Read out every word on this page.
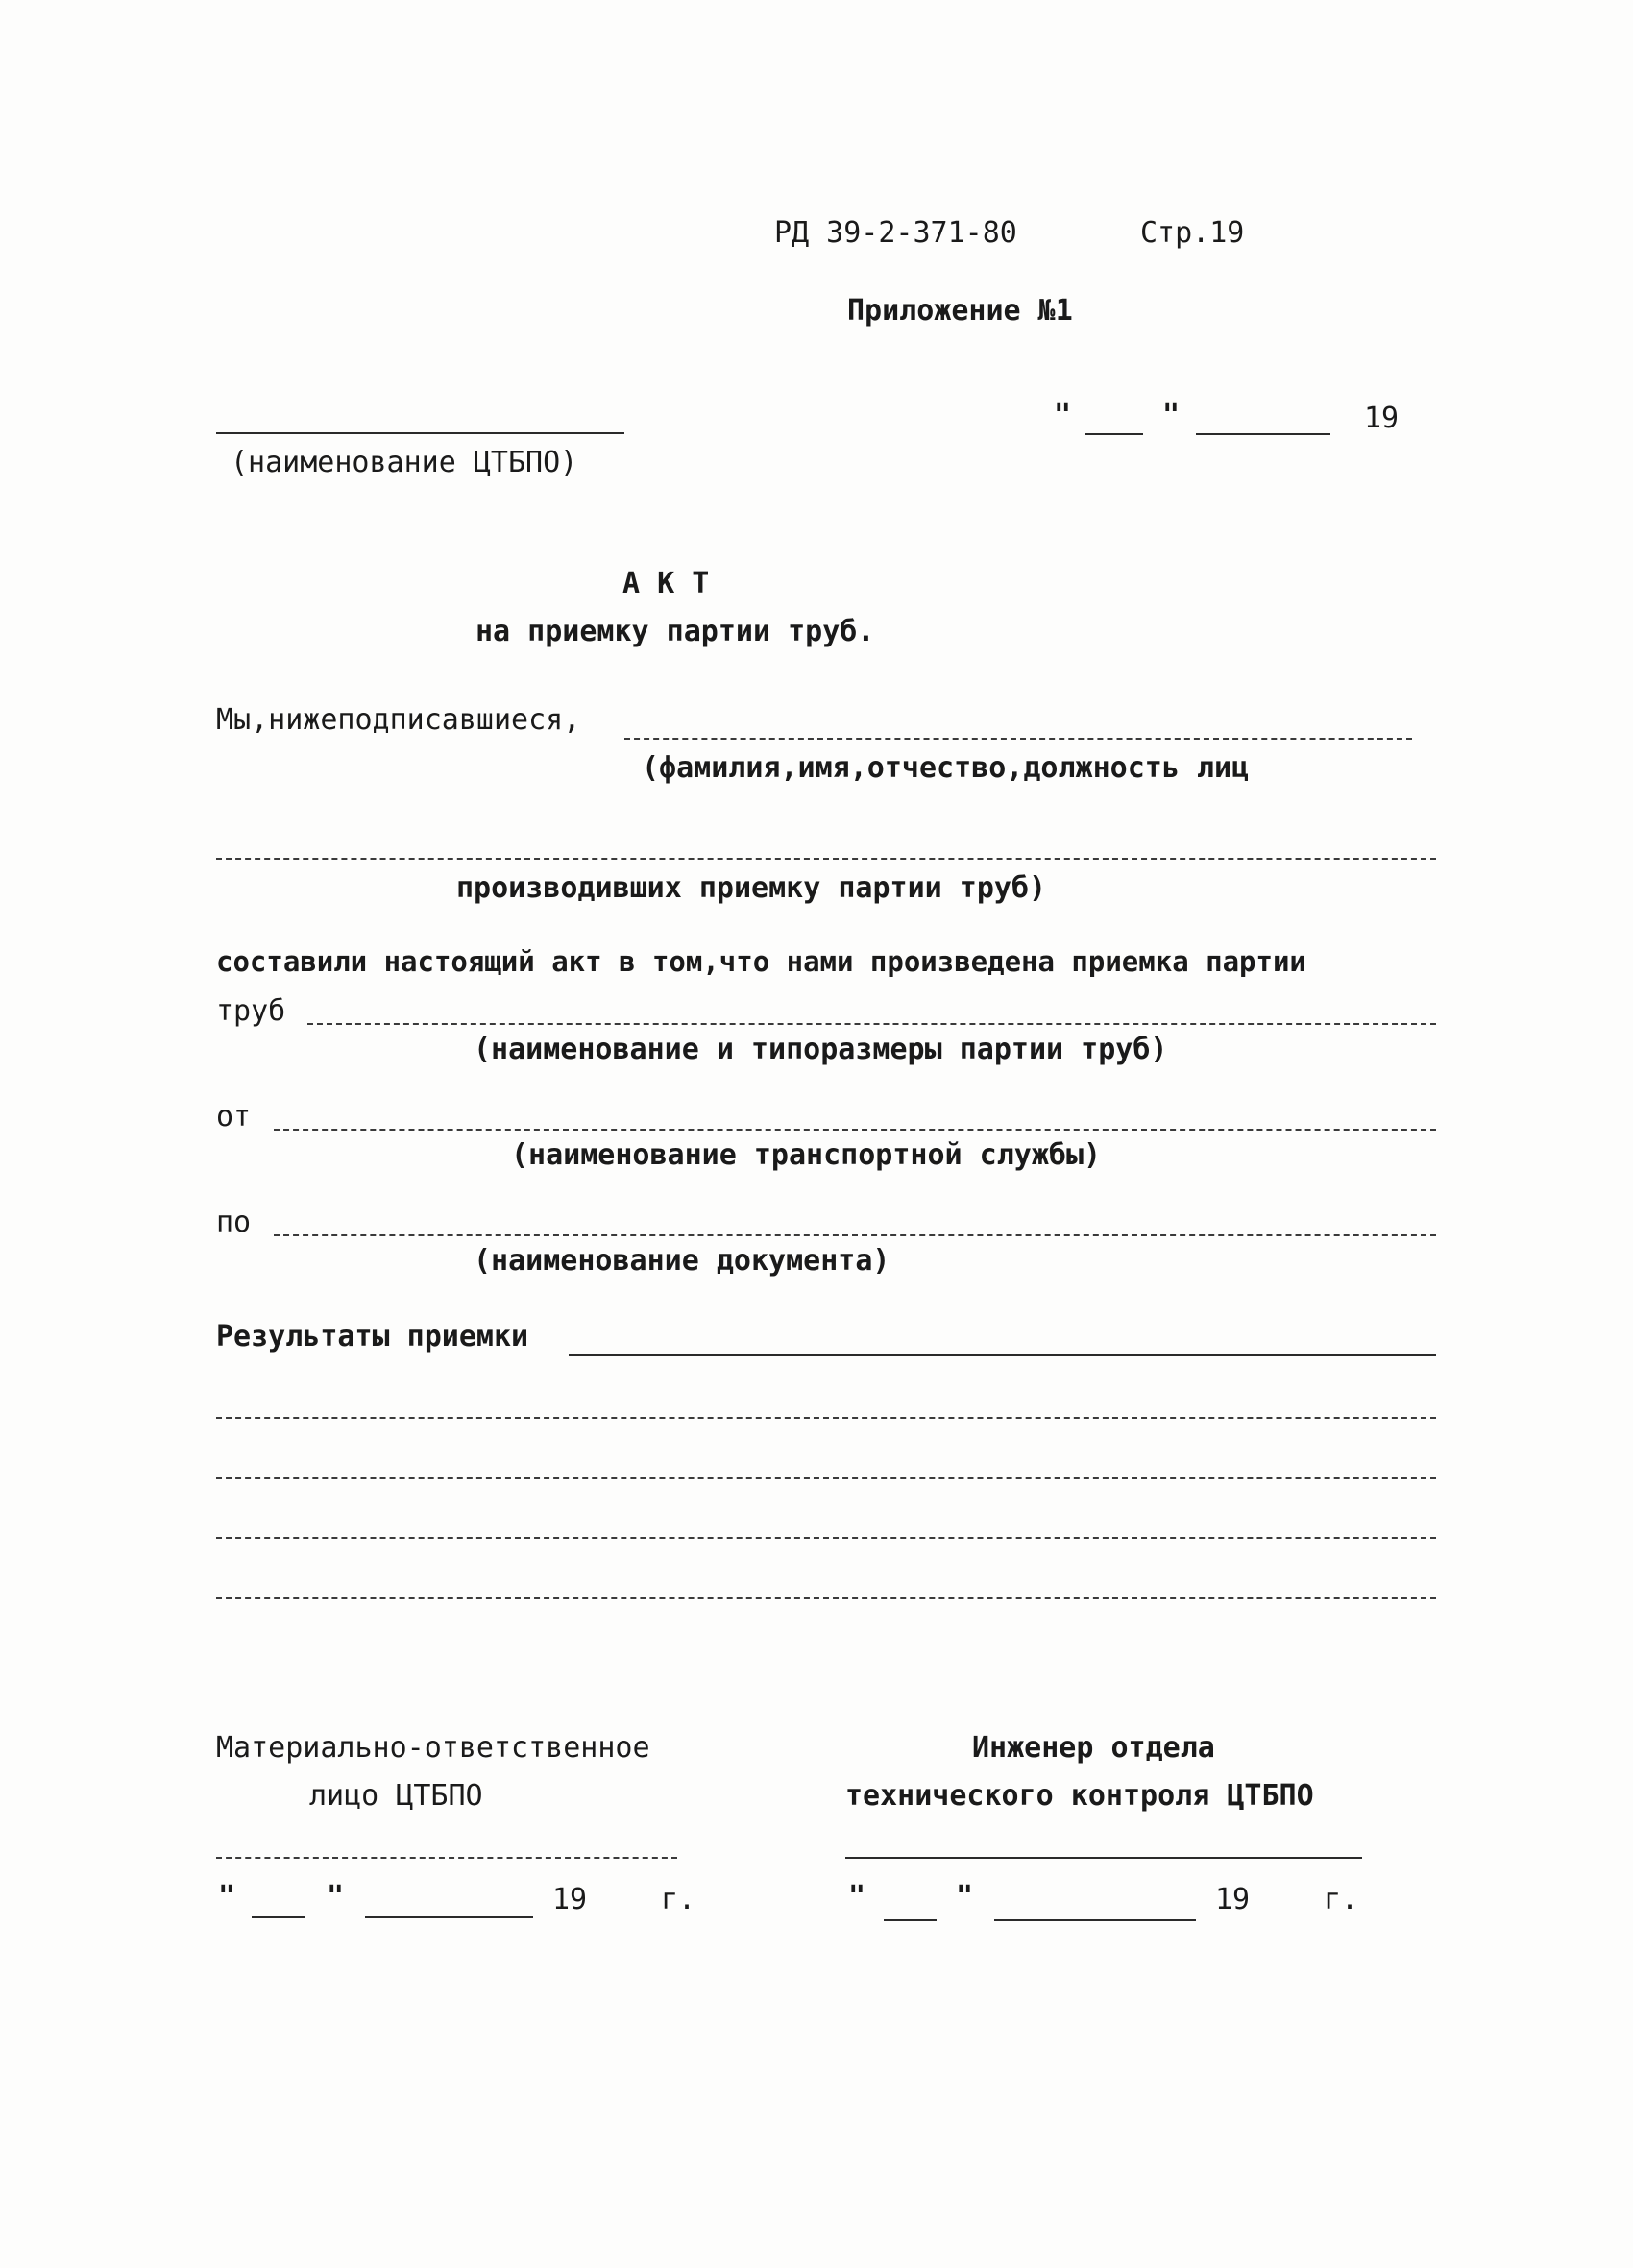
РД 39-2-371-80	Стр.19
Приложение №1
(наименование ЦТБПО)
"	"	19
А К Т
на приемку партии труб.
Мы,нижеподписавшиеся,
(фамилия,имя,отчество,должность лиц
производивших приемку партии труб)
составили настоящий акт в том,что нами произведена приемка партии
труб
(наименование и типоразмеры партии труб)
от
(наименование транспортной службы)
по
(наименование документа)
Результаты приемки
Материально-ответственное
лицо ЦТБПО
"	"	19	г.
Инженер отдела
технического контроля ЦТБПО
"	"	19	г.
